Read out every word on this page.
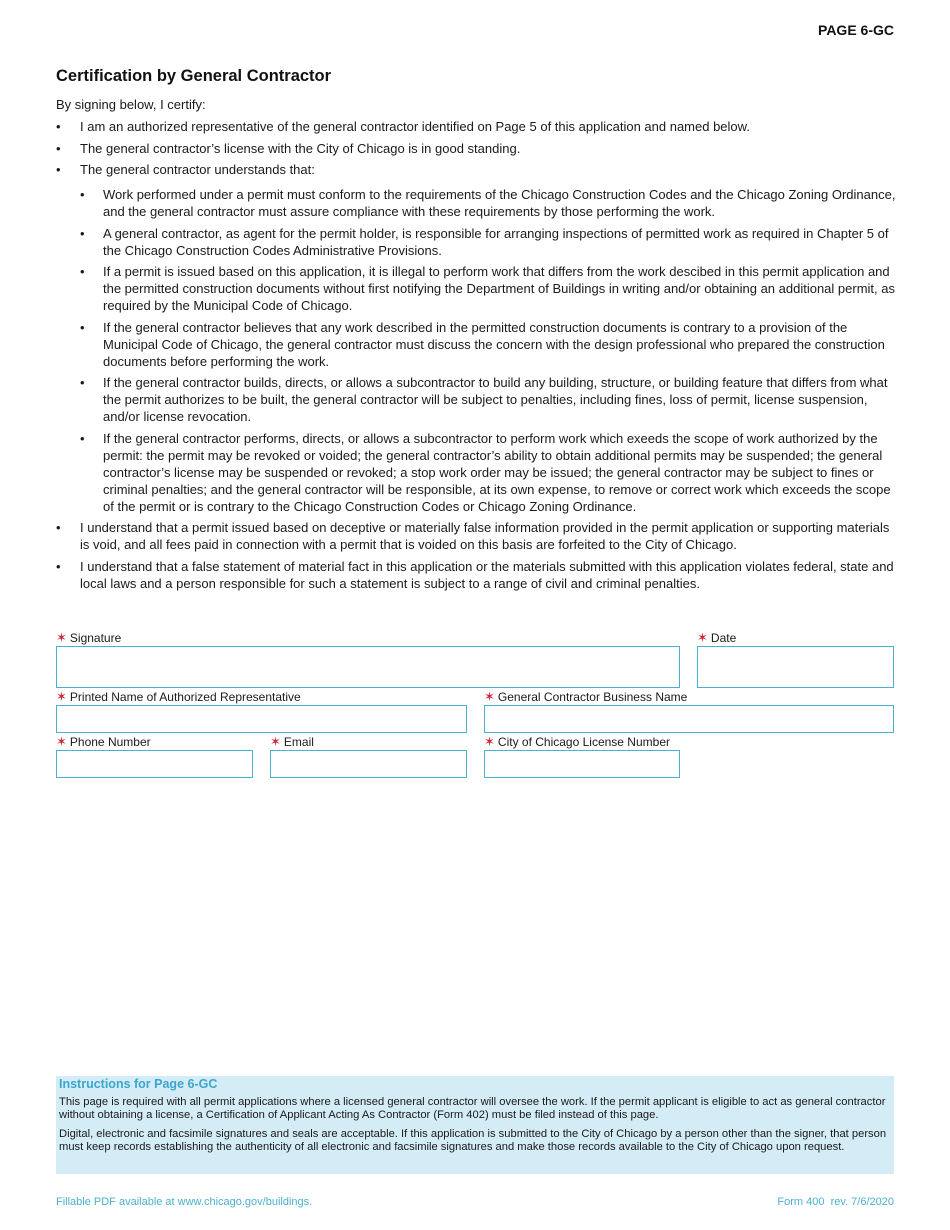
PAGE 6-GC
Certification by General Contractor
By signing below, I certify:
• I am an authorized representative of the general contractor identified on Page 5 of this application and named below.
• The general contractor’s license with the City of Chicago is in good standing.
• The general contractor understands that:
• Work performed under a permit must conform to the requirements of the Chicago Construction Codes and the Chicago Zoning Ordinance, and the general contractor must assure compliance with these requirements by those performing the work.
• A general contractor, as agent for the permit holder, is responsible for arranging inspections of permitted work as required in Chapter 5 of the Chicago Construction Codes Administrative Provisions.
• If a permit is issued based on this application, it is illegal to perform work that differs from the work descibed in this permit application and the permitted construction documents without first notifying the Department of Buildings in writing and/or obtaining an additional permit, as required by the Municipal Code of Chicago.
• If the general contractor believes that any work described in the permitted construction documents is contrary to a provision of the Municipal Code of Chicago, the general contractor must discuss the concern with the design professional who prepared the construction documents before performing the work.
• If the general contractor builds, directs, or allows a subcontractor to build any building, structure, or building feature that differs from what the permit authorizes to be built, the general contractor will be subject to penalties, including fines, loss of permit, license suspension, and/or license revocation.
• If the general contractor performs, directs, or allows a subcontractor to perform work which exeeds the scope of work authorized by the permit: the permit may be revoked or voided; the general contractor’s ability to obtain additional permits may be suspended; the general contractor’s license may be suspended or revoked; a stop work order may be issued; the general contractor may be subject to fines or criminal penalties; and the general contractor will be responsible, at its own expense, to remove or correct work which exceeds the scope of the permit or is contrary to the Chicago Construction Codes or Chicago Zoning Ordinance.
• I understand that a permit issued based on deceptive or materially false information provided in the permit application or supporting materials is void, and all fees paid in connection with a permit that is voided on this basis are forfeited to the City of Chicago.
• I understand that a false statement of material fact in this application or the materials submitted with this application violates federal, state and local laws and a person responsible for such a statement is subject to a range of civil and criminal penalties.
✶ Signature	✶ Date
✶ Printed Name of Authorized Representative	✶ General Contractor Business Name
✶ Phone Number	✶ Email	✶ City of Chicago License Number
Instructions for Page 6-GC

This page is required with all permit applications where a licensed general contractor will oversee the work. If the permit applicant is eligible to act as general contractor without obtaining a license, a Certification of Applicant Acting As Contractor (Form 402) must be filed instead of this page.

Digital, electronic and facsimile signatures and seals are acceptable. If this application is submitted to the City of Chicago by a person other than the signer, that person must keep records establishing the authenticity of all electronic and facsimile signatures and make those records available to the City of Chicago upon request.

Fillable PDF available at www.chicago.gov/buildings.	Form 400  rev. 7/6/2020
